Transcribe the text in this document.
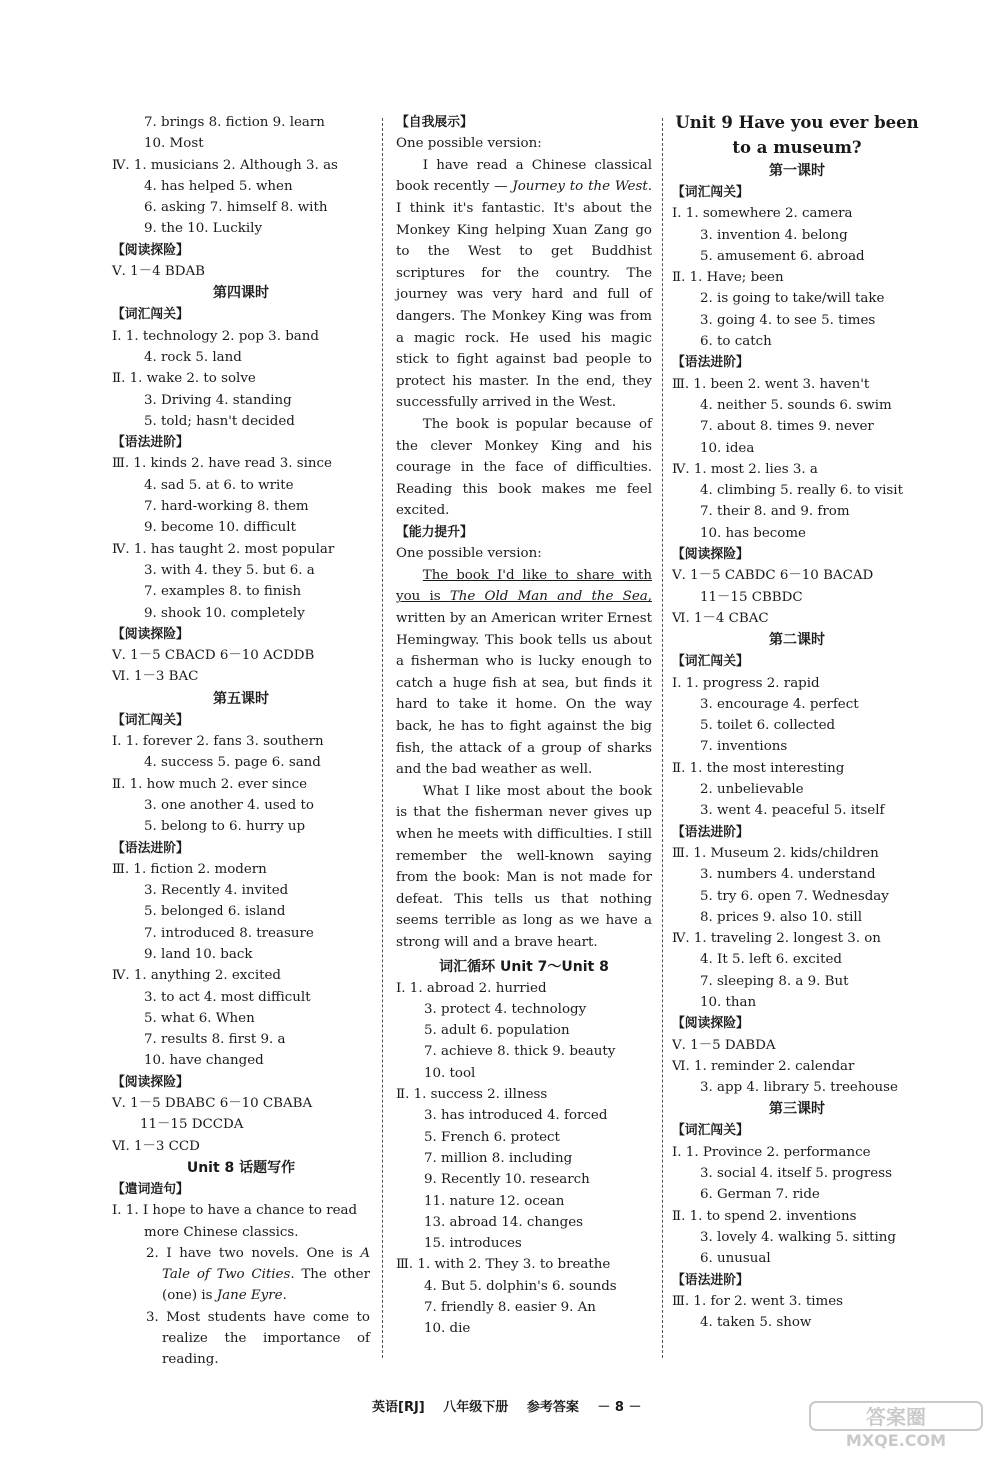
7. brings 8. fiction 9. learn
10. Most
Ⅳ. 1. musicians 2. Although 3. as
4. has helped 5. when
6. asking 7. himself 8. with
9. the 10. Luckily
【阅读探险】
Ⅴ. 1－4 BDAB
第四课时
【词汇闯关】
Ⅰ. 1. technology 2. pop 3. band
4. rock 5. land
Ⅱ. 1. wake 2. to solve
3. Driving 4. standing
5. told; hasn't decided
【语法进阶】
Ⅲ. 1. kinds 2. have read 3. since
4. sad 5. at 6. to write
7. hard-working 8. them
9. become 10. difficult
Ⅳ. 1. has taught 2. most popular
3. with 4. they 5. but 6. a
7. examples 8. to finish
9. shook 10. completely
【阅读探险】
Ⅴ. 1－5 CBACD 6－10 ACDDB
Ⅵ. 1－3 BAC
第五课时
【词汇闯关】
Ⅰ. 1. forever 2. fans 3. southern
4. success 5. page 6. sand
Ⅱ. 1. how much 2. ever since
3. one another 4. used to
5. belong to 6. hurry up
【语法进阶】
Ⅲ. 1. fiction 2. modern
3. Recently 4. invited
5. belonged 6. island
7. introduced 8. treasure
9. land 10. back
Ⅳ. 1. anything 2. excited
3. to act 4. most difficult
5. what 6. When
7. results 8. first 9. a
10. have changed
【阅读探险】
Ⅴ. 1－5 DBABC 6－10 CBABA
11－15 DCCDA
Ⅵ. 1－3 CCD
Unit 8 话题写作
【遣词造句】
Ⅰ. 1. I hope to have a chance to read
more Chinese classics.
2. I have two novels. One is A Tale of Two Cities. The other (one) is Jane Eyre.
3. Most students have come to realize the importance of reading.
【自我展示】
One possible version:
I have read a Chinese classical book recently — Journey to the West. I think it's fantastic. It's about the Monkey King helping Xuan Zang go to the West to get Buddhist scriptures for the country. The journey was very hard and full of dangers. The Monkey King was from a magic rock. He used his magic stick to fight against bad people to protect his master. In the end, they successfully arrived in the West.
The book is popular because of the clever Monkey King and his courage in the face of difficulties. Reading this book makes me feel excited.
【能力提升】
One possible version:
The book I'd like to share with you is The Old Man and the Sea, written by an American writer Ernest Hemingway. This book tells us about a fisherman who is lucky enough to catch a huge fish at sea, but finds it hard to take it home. On the way back, he has to fight against the big fish, the attack of a group of sharks and the bad weather as well.
What I like most about the book is that the fisherman never gives up when he meets with difficulties. I still remember the well-known saying from the book: Man is not made for defeat. This tells us that nothing seems terrible as long as we have a strong will and a brave heart.
词汇循环 Unit 7～Unit 8
Ⅰ. 1. abroad 2. hurried
3. protect 4. technology
5. adult 6. population
7. achieve 8. thick 9. beauty
10. tool
Ⅱ. 1. success 2. illness
3. has introduced 4. forced
5. French 6. protect
7. million 8. including
9. Recently 10. research
11. nature 12. ocean
13. abroad 14. changes
15. introduces
Ⅲ. 1. with 2. They 3. to breathe
4. But 5. dolphin's 6. sounds
7. friendly 8. easier 9. An
10. die
Unit 9 Have you ever been
to a museum?
第一课时
【词汇闯关】
Ⅰ. 1. somewhere 2. camera
3. invention 4. belong
5. amusement 6. abroad
Ⅱ. 1. Have; been
2. is going to take/will take
3. going 4. to see 5. times
6. to catch
【语法进阶】
Ⅲ. 1. been 2. went 3. haven't
4. neither 5. sounds 6. swim
7. about 8. times 9. never
10. idea
Ⅳ. 1. most 2. lies 3. a
4. climbing 5. really 6. to visit
7. their 8. and 9. from
10. has become
【阅读探险】
Ⅴ. 1－5 CABDC 6－10 BACAD
11－15 CBBDC
Ⅵ. 1－4 CBAC
第二课时
【词汇闯关】
Ⅰ. 1. progress 2. rapid
3. encourage 4. perfect
5. toilet 6. collected
7. inventions
Ⅱ. 1. the most interesting
2. unbelievable
3. went 4. peaceful 5. itself
【语法进阶】
Ⅲ. 1. Museum 2. kids/children
3. numbers 4. understand
5. try 6. open 7. Wednesday
8. prices 9. also 10. still
Ⅳ. 1. traveling 2. longest 3. on
4. It 5. left 6. excited
7. sleeping 8. a 9. But
10. than
【阅读探险】
Ⅴ. 1－5 DABDA
Ⅵ. 1. reminder 2. calendar
3. app 4. library 5. treehouse
第三课时
【词汇闯关】
Ⅰ. 1. Province 2. performance
3. social 4. itself 5. progress
6. German 7. ride
Ⅱ. 1. to spend 2. inventions
3. lovely 4. walking 5. sitting
6. unusual
【语法进阶】
Ⅲ. 1. for 2. went 3. times
4. taken 5. show
英语[RJ] 八年级下册 参考答案 － 8 －	答案圈
MXQE.COM
